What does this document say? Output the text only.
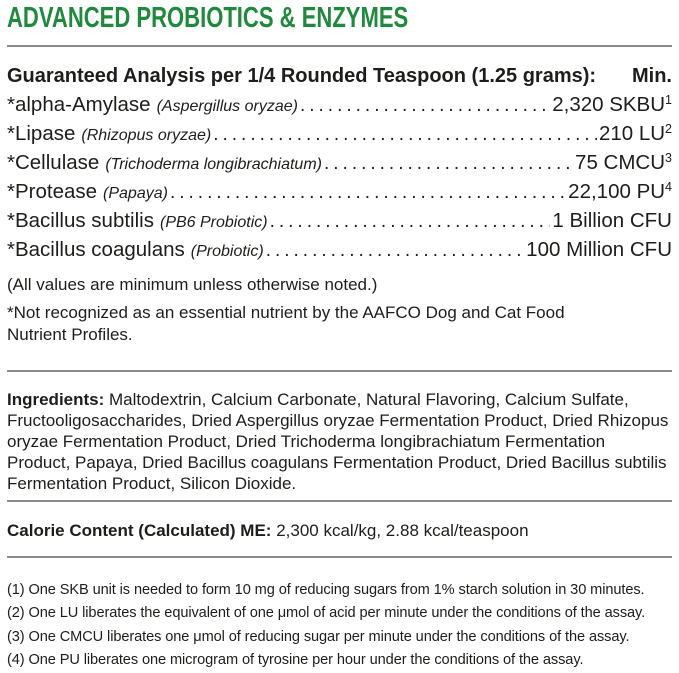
ADVANCED PROBIOTICS & ENZYMES
Guaranteed Analysis per 1/4 Rounded Teaspoon (1.25 grams): Min.
*alpha-Amylase (Aspergillus oryzae) .....	2,320 SKBU$^1$
*Lipase (Rhizopus oryzae) .....	210 $LU^2$
*Cellulase (Trichoderma longibrachiatum) .....	75 CMCU$^3$
*Protease (Papaya) .....	22,100 $PU^4$
*Bacillus subtilis (PB6 Probiotic) .....	1 Billion CFU
*Bacillus coagulans (Probiotic) .....	100 Million CFU

(All values are minimum unless otherwise noted.)

*Not recognized as an essential nutrient by the AAFCO Dog and Cat Food Nutrient Profiles.

Ingredients: Maltodextrin, Calcium Carbonate, Natural Flavoring, Calcium Sulfate, Fructooligosaccharides, Dried Aspergillus oryzae Fermentation Product, Dried Rhizopus oryzae Fermentation Product, Dried Trichoderma longibrachiatum Fermentation Product, Papaya, Dried Bacillus coagulans Fermentation Product, Dried Bacillus subtilis Fermentation Product, Silicon Dioxide.

Calorie Content (Calculated) ME: 2,300 kcal/kg, 2.88 kcal/teaspoon

(1) One SKB unit is needed to form 10 mg of reducing sugars from 1% starch solution in 30 minutes.
(2) One LU liberates the equivalent of one μmol of acid per minute under the conditions of the assay.
(3) One CMCU liberates one μmol of reducing sugar per minute under the conditions of the assay.
(4) One PU liberates one microgram of tyrosine per hour under the conditions of the assay.
